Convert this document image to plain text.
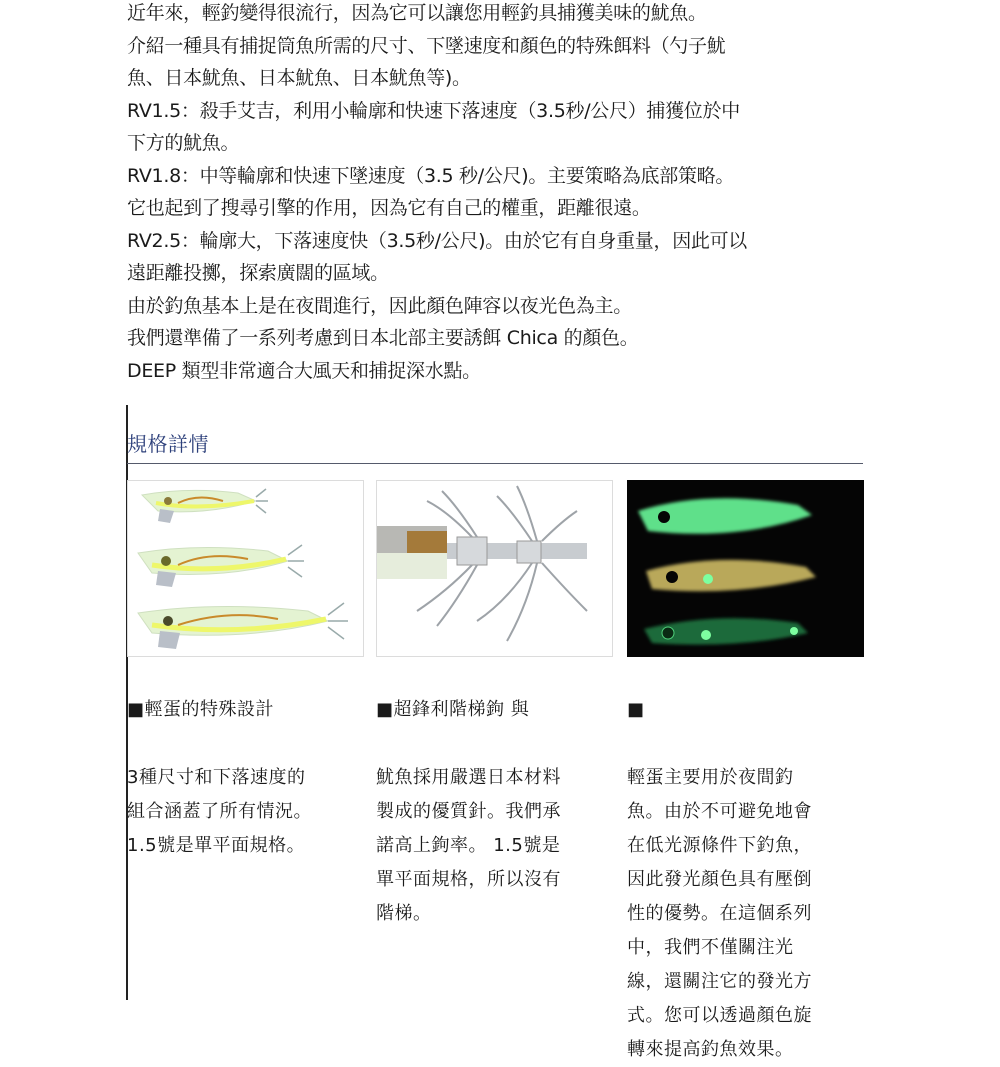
近年來，輕釣變得很流行，因為它可以讓您用輕釣具捕獲美味的魷魚。

介紹一種具有捕捉筒魚所需的尺寸、下墜速度和顏色的特殊餌料（勺子魷

魚、日本魷魚、日本魷魚、日本魷魚等)。

RV1.5：殺手艾吉，利用小輪廓和快速下落速度（3.5秒/公尺）捕獲位於中

下方的魷魚。

RV1.8：中等輪廓和快速下墜速度（3.5 秒/公尺)。主要策略為底部策略。

它也起到了搜尋引擎的作用，因為它有自己的權重，距離很遠。

RV2.5：輪廓大，下落速度快（3.5秒/公尺)。由於它有自身重量，因此可以

遠距離投擲，探索廣闊的區域。

由於釣魚基本上是在夜間進行，因此顏色陣容以夜光色為主。

我們還準備了一系列考慮到日本北部主要誘餌 Chica 的顏色。

DEEP 類型非常適合大風天和捕捉深水點。

規格詳情

■輕蛋的特殊設計

3種尺寸和下落速度的
組合涵蓋了所有情況。
1.5號是單平面規格。

■超鋒利階梯鉤 與

魷魚採用嚴選日本材料
製成的優質針。我們承
諾高上鉤率。 1.5號是
單平面規格，所以沒有
階梯。

■

輕蛋主要用於夜間釣
魚。由於不可避免地會
在低光源條件下釣魚，
因此發光顏色具有壓倒
性的優勢。在這個系列
中，我們不僅關注光
線，還關注它的發光方
式。您可以透過顏色旋
轉來提高釣魚效果。
